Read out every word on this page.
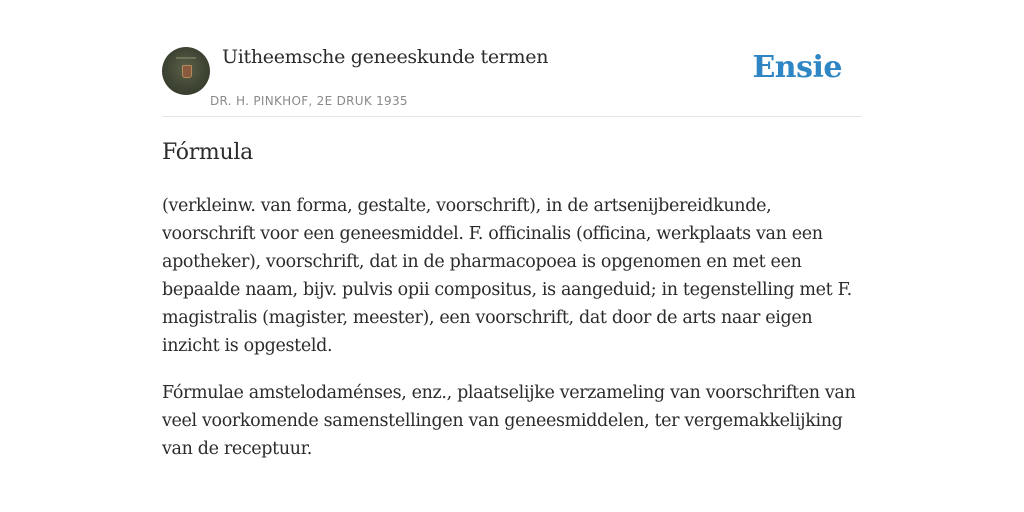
Uitheemsche geneeskunde termen
DR. H. PINKHOF, 2E DRUK 1935
Ensie
Fórmula

(verkleinw. van forma, gestalte, voorschrift), in de artsenijbereidkunde, voorschrift voor een geneesmiddel. F. officinalis (officina, werkplaats van een apotheker), voorschrift, dat in de pharmacopoea is opgenomen en met een bepaalde naam, bijv. pulvis opii compositus, is aangeduid; in tegenstelling met F. magistralis (magister, meester), een voorschrift, dat door de arts naar eigen inzicht is opgesteld.

Fórmulae amstelodaménses, enz., plaatselijke verzameling van voorschriften van veel voorkomende samenstellingen van geneesmiddelen, ter vergemakkelijking van de receptuur.
